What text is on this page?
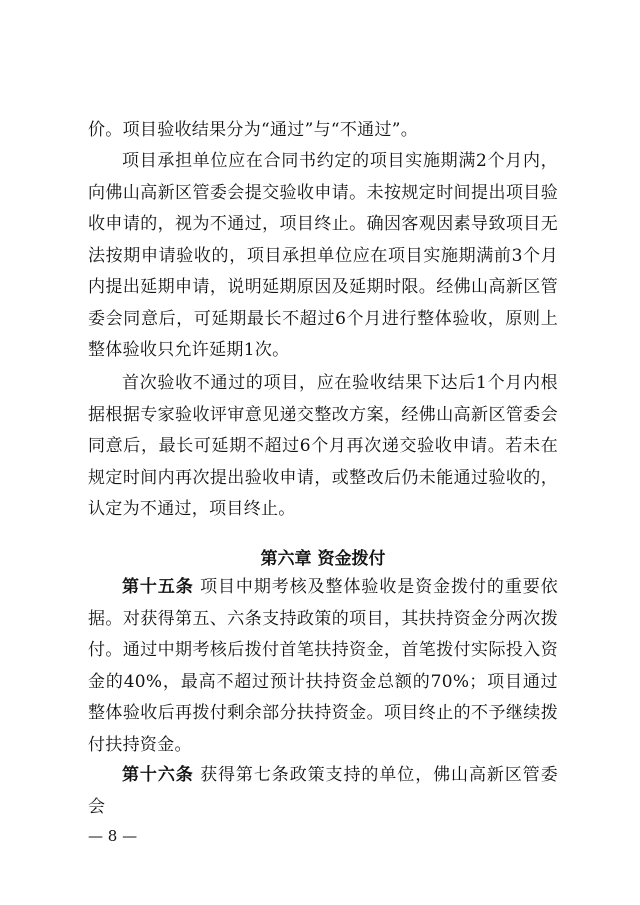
价。项目验收结果分为“通过”与“不通过”。

项目承担单位应在合同书约定的项目实施期满2个月内，向佛山高新区管委会提交验收申请。未按规定时间提出项目验收申请的，视为不通过，项目终止。确因客观因素导致项目无法按期申请验收的，项目承担单位应在项目实施期满前3个月内提出延期申请，说明延期原因及延期时限。经佛山高新区管委会同意后，可延期最长不超过6个月进行整体验收，原则上整体验收只允许延期1次。

首次验收不通过的项目，应在验收结果下达后1个月内根据根据专家验收评审意见递交整改方案，经佛山高新区管委会同意后，最长可延期不超过6个月再次递交验收申请。若未在规定时间内再次提出验收申请，或整改后仍未能通过验收的，认定为不通过，项目终止。

第六章 资金拨付

第十五条 项目中期考核及整体验收是资金拨付的重要依据。对获得第五、六条支持政策的项目，其扶持资金分两次拨付。通过中期考核后拨付首笔扶持资金，首笔拨付实际投入资金的40%，最高不超过预计扶持资金总额的70%；项目通过整体验收后再拨付剩余部分扶持资金。项目终止的不予继续拨付扶持资金。

第十六条 获得第七条政策支持的单位，佛山高新区管委会

— 8 —
